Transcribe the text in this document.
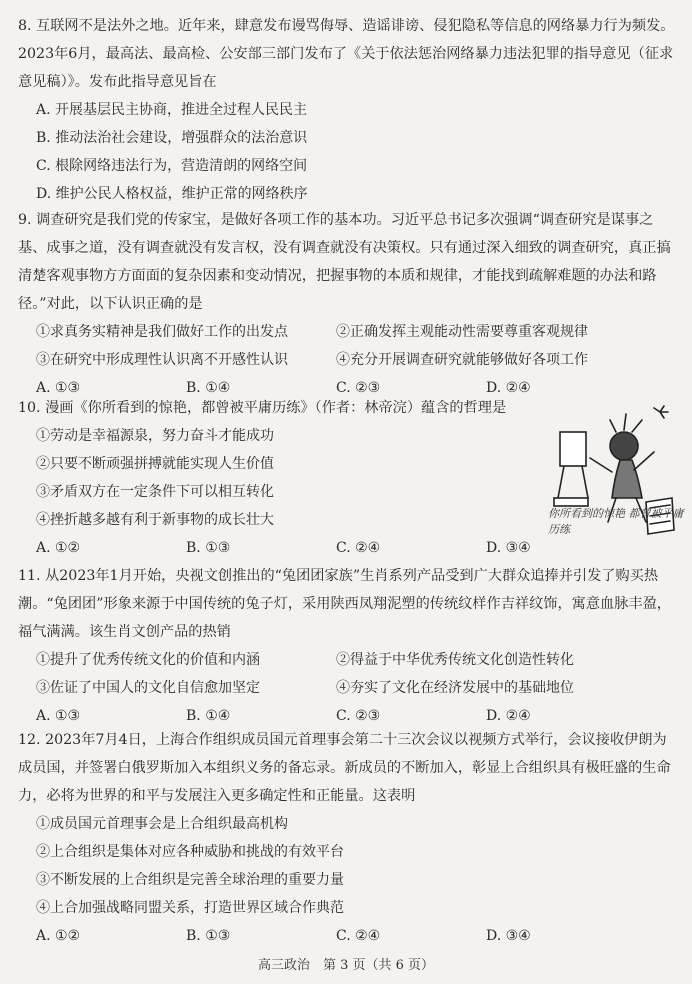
8. 互联网不是法外之地。近年来，肆意发布谩骂侮辱、造谣诽谤、侵犯隐私等信息的网络暴力行为频发。2023年6月，最高法、最高检、公安部三部门发布了《关于依法惩治网络暴力违法犯罪的指导意见（征求意见稿）》。发布此指导意见旨在
A. 开展基层民主协商，推进全过程人民民主
B. 推动法治社会建设，增强群众的法治意识
C. 根除网络违法行为，营造清朗的网络空间
D. 维护公民人格权益，维护正常的网络秩序
9. 调查研究是我们党的传家宝，是做好各项工作的基本功。习近平总书记多次强调“调查研究是谋事之基、成事之道，没有调查就没有发言权，没有调查就没有决策权。只有通过深入细致的调查研究，真正搞清楚客观事物方方面面的复杂因素和变动情况，把握事物的本质和规律，才能找到疏解难题的办法和路径。”对此，以下认识正确的是
①求真务实精神是我们做好工作的出发点	②正确发挥主观能动性需要尊重客观规律
③在研究中形成理性认识离不开感性认识	④充分开展调查研究就能够做好各项工作
A. ①③	B. ①④	C. ②③	D. ②④
10. 漫画《你所看到的惊艳，都曾被平庸历练》（作者：林帝浣）蕴含的哲理是
①劳动是幸福源泉，努力奋斗才能成功
②只要不断顽强拼搏就能实现人生价值
③矛盾双方在一定条件下可以相互转化
④挫折越多越有利于新事物的成长壮大
A. ①②	B. ①③	C. ②④	D. ③④
你所看到的惊艳 都曾被平庸历练
11. 从2023年1月开始，央视文创推出的“兔团团家族”生肖系列产品受到广大群众追捧并引发了购买热潮。“兔团团”形象来源于中国传统的兔子灯，采用陕西凤翔泥塑的传统纹样作吉祥纹饰，寓意血脉丰盈，福气满满。该生肖文创产品的热销
①提升了优秀传统文化的价值和内涵	②得益于中华优秀传统文化创造性转化
③佐证了中国人的文化自信愈加坚定	④夯实了文化在经济发展中的基础地位
A. ①③	B. ①④	C. ②③	D. ②④
12. 2023年7月4日，上海合作组织成员国元首理事会第二十三次会议以视频方式举行，会议接收伊朗为成员国，并签署白俄罗斯加入本组织义务的备忘录。新成员的不断加入，彰显上合组织具有极旺盛的生命力，必将为世界的和平与发展注入更多确定性和正能量。这表明
①成员国元首理事会是上合组织最高机构
②上合组织是集体对应各种威胁和挑战的有效平台
③不断发展的上合组织是完善全球治理的重要力量
④上合加强战略同盟关系，打造世界区域合作典范
A. ①②	B. ①③	C. ②④	D. ③④
高三政治　第 3 页（共 6 页）
